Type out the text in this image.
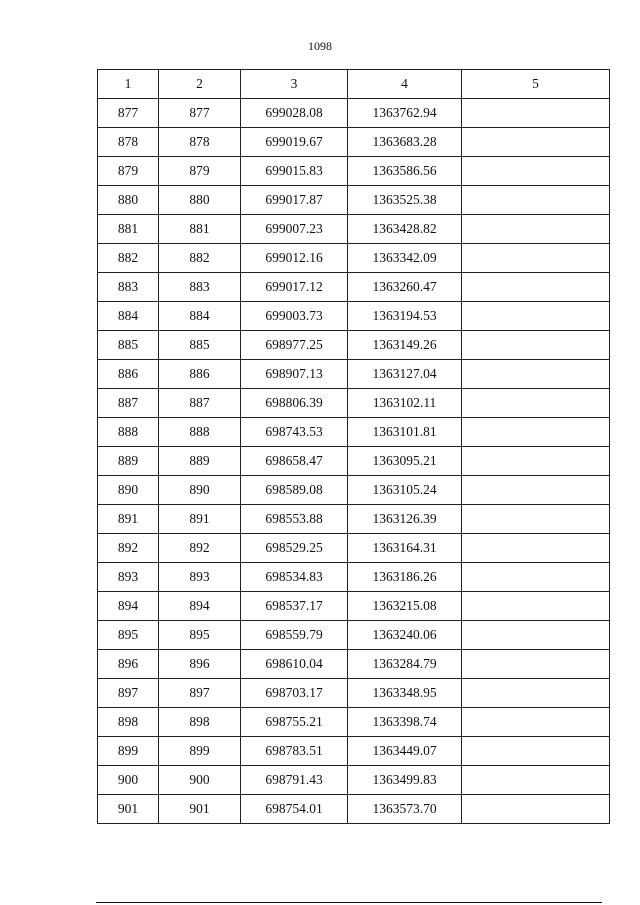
1098
1	2	3	4	5
877	877	699028.08	1363762.94	
878	878	699019.67	1363683.28	
879	879	699015.83	1363586.56	
880	880	699017.87	1363525.38	
881	881	699007.23	1363428.82	
882	882	699012.16	1363342.09	
883	883	699017.12	1363260.47	
884	884	699003.73	1363194.53	
885	885	698977.25	1363149.26	
886	886	698907.13	1363127.04	
887	887	698806.39	1363102.11	
888	888	698743.53	1363101.81	
889	889	698658.47	1363095.21	
890	890	698589.08	1363105.24	
891	891	698553.88	1363126.39	
892	892	698529.25	1363164.31	
893	893	698534.83	1363186.26	
894	894	698537.17	1363215.08	
895	895	698559.79	1363240.06	
896	896	698610.04	1363284.79	
897	897	698703.17	1363348.95	
898	898	698755.21	1363398.74	
899	899	698783.51	1363449.07	
900	900	698791.43	1363499.83	
901	901	698754.01	1363573.70	
